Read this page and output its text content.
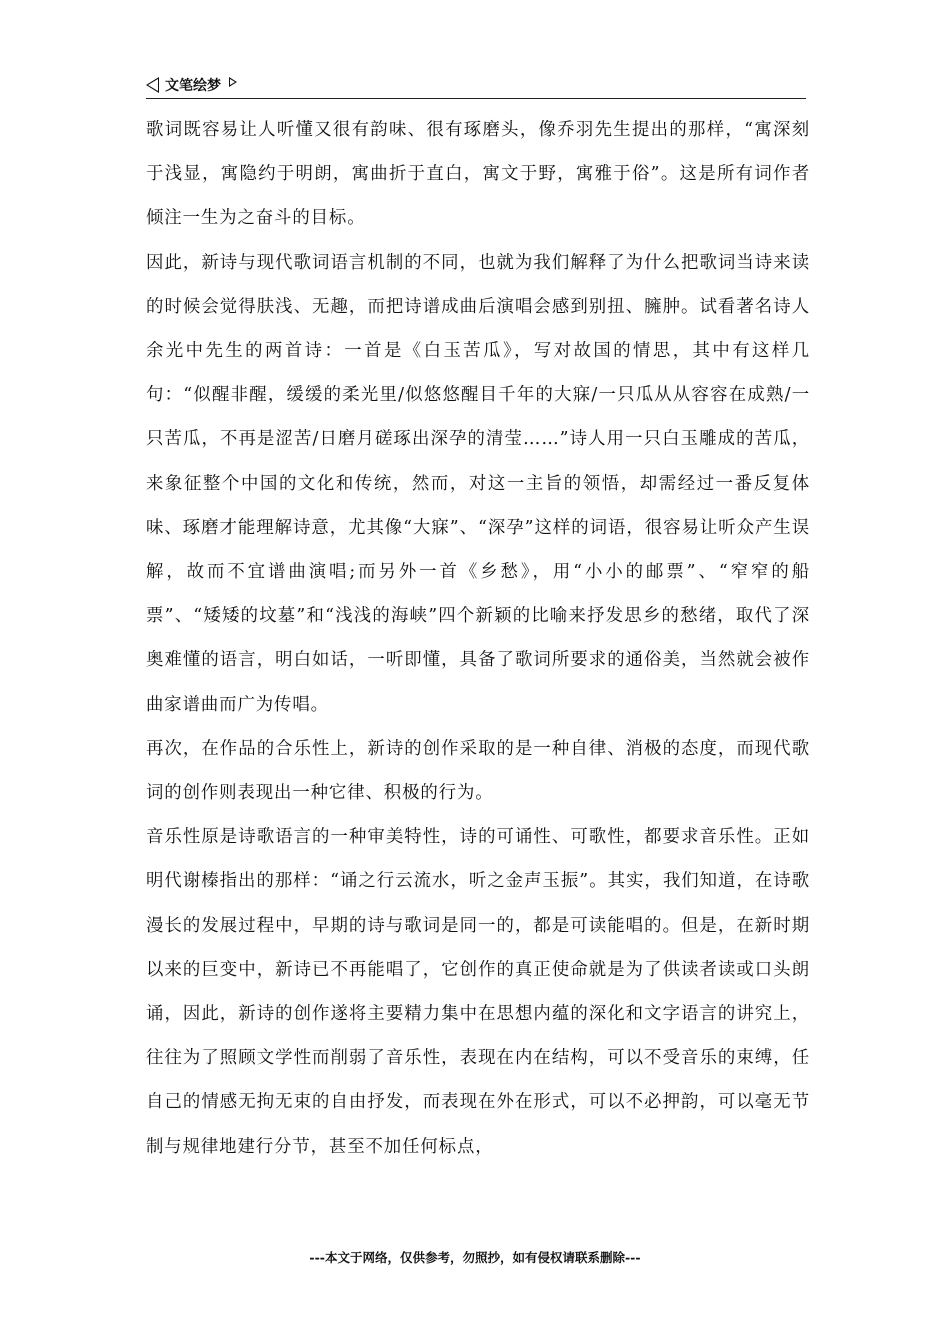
文笔绘梦

歌词既容易让人听懂又很有韵味、很有琢磨头，像乔羽先生提出的那样，“寓深刻于浅显，寓隐约于明朗，寓曲折于直白，寓文于野，寓雅于俗”。这是所有词作者倾注一生为之奋斗的目标。

因此，新诗与现代歌词语言机制的不同，也就为我们解释了为什么把歌词当诗来读的时候会觉得肤浅、无趣，而把诗谱成曲后演唱会感到别扭、臃肿。试看著名诗人余光中先生的两首诗：一首是《白玉苦瓜》，写对故国的情思，其中有这样几句：“似醒非醒，缓缓的柔光里/似悠悠醒目千年的大寐/一只瓜从从容容在成熟/一只苦瓜，不再是涩苦/日磨月磋琢出深孕的清莹……”诗人用一只白玉雕成的苦瓜，来象征整个中国的文化和传统，然而，对这一主旨的领悟，却需经过一番反复体味、琢磨才能理解诗意，尤其像“大寐”、“深孕”这样的词语，很容易让听众产生误解，故而不宜谱曲演唱;而另外一首《乡愁》，用“小小的邮票”、“窄窄的船票”、“矮矮的坟墓”和“浅浅的海峡”四个新颖的比喻来抒发思乡的愁绪，取代了深奥难懂的语言，明白如话，一听即懂，具备了歌词所要求的通俗美，当然就会被作曲家谱曲而广为传唱。

再次，在作品的合乐性上，新诗的创作采取的是一种自律、消极的态度，而现代歌词的创作则表现出一种它律、积极的行为。

音乐性原是诗歌语言的一种审美特性，诗的可诵性、可歌性，都要求音乐性。正如明代谢榛指出的那样：“诵之行云流水，听之金声玉振”。其实，我们知道，在诗歌漫长的发展过程中，早期的诗与歌词是同一的，都是可读能唱的。但是，在新时期以来的巨变中，新诗已不再能唱了，它创作的真正使命就是为了供读者读或口头朗诵，因此，新诗的创作遂将主要精力集中在思想内蕴的深化和文字语言的讲究上，往往为了照顾文学性而削弱了音乐性，表现在内在结构，可以不受音乐的束缚，任自己的情感无拘无束的自由抒发，而表现在外在形式，可以不必押韵，可以毫无节制与规律地建行分节，甚至不加任何标点，

---本文于网络，仅供参考，勿照抄，如有侵权请联系删除---
